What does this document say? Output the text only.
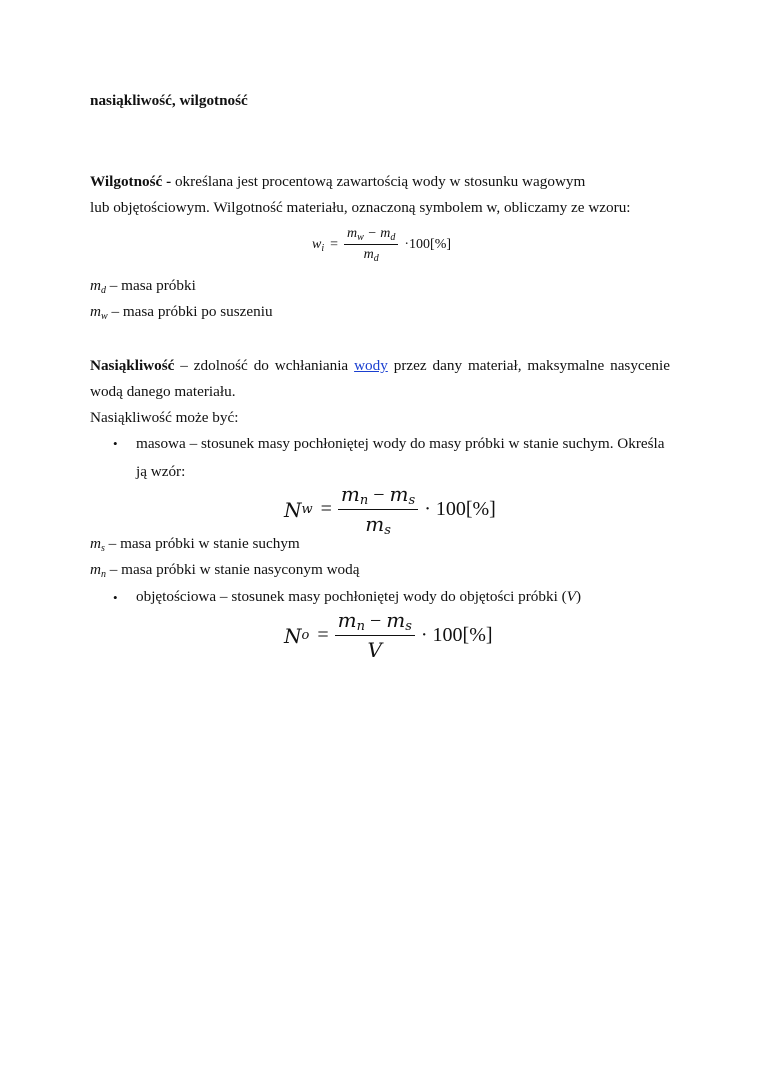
nasiąkliwość, wilgotność
Wilgotność - określana jest procentową zawartością wody w stosunku wagowym
lub objętościowym. Wilgotność materiału, oznaczoną symbolem w, obliczamy ze wzoru:
$w_i = \frac{m_w - m_d}{m_d} \cdot 100[\%]$
$m_d$ – masa próbki
$m_w$ – masa próbki po suszeniu
Nasiąkliwość – zdolność do wchłaniania wody przez dany materiał, maksymalne nasycenie
wodą danego materiału.
Nasiąkliwość może być:
• masowa – stosunek masy pochłoniętej wody do masy próbki w stanie suchym. Określa
ją wzór:
N $w = \frac{m_n - m_s}{m_s} \cdot 100[\%]$
$m_s$ – masa próbki w stanie suchym
$m_n$ – masa próbki w stanie nasyconym wodą
• objętościowa – stosunek masy pochłoniętej wody do objętości próbki (V)
N $o = \frac{m_n - m_s}{V} \cdot 100[\%]$
